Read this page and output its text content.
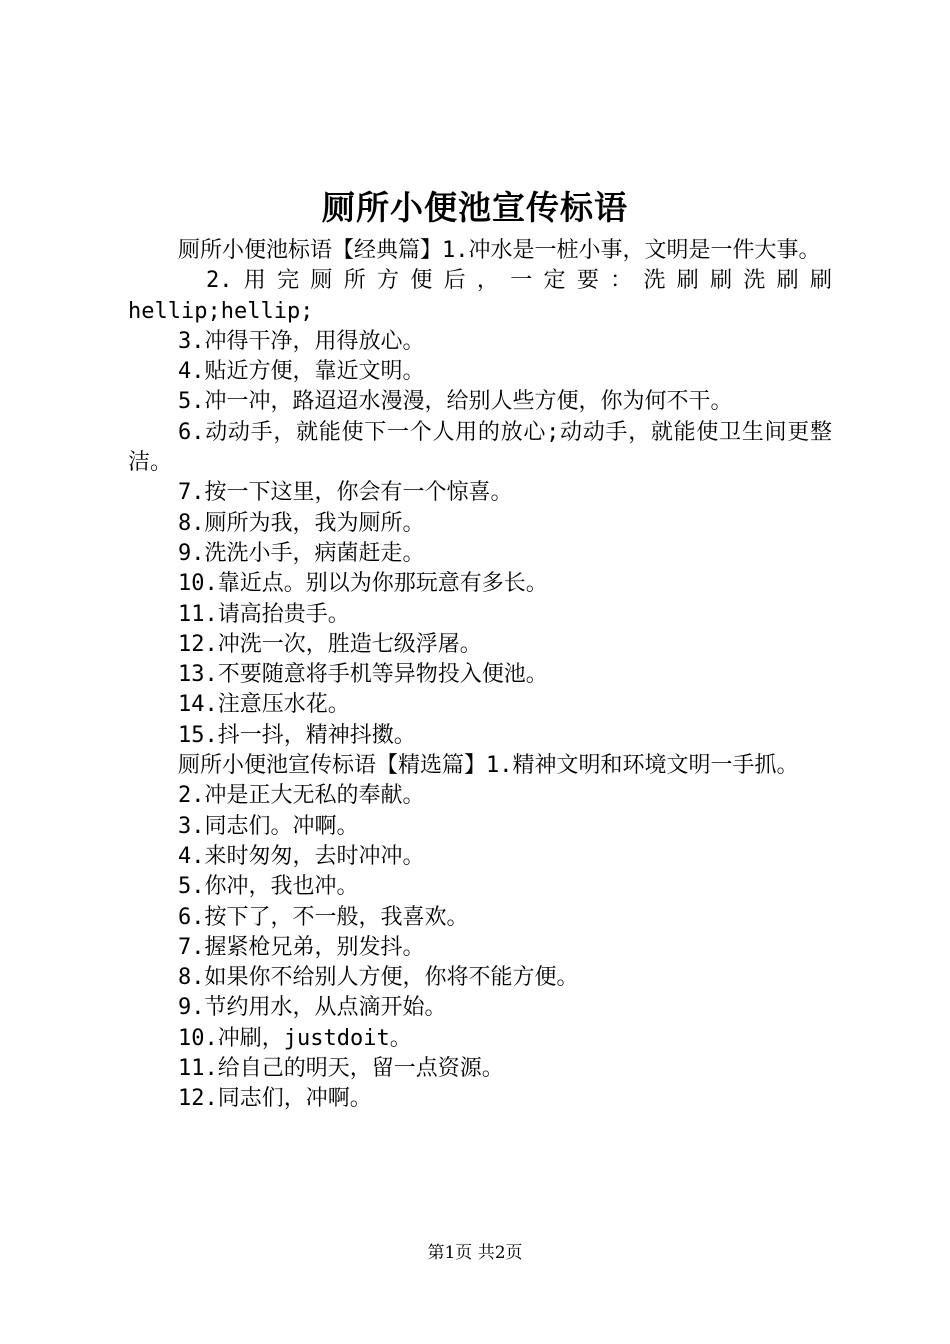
厕所小便池宣传标语

厕所小便池标语【经典篇】1.冲水是一桩小事，文明是一件大事。

2.用完厕所方便后，一定要：洗刷刷洗刷刷

hellip;hellip;

3.冲得干净，用得放心。

4.贴近方便，靠近文明。

5.冲一冲，路迢迢水漫漫，给别人些方便，你为何不干。

6.动动手，就能使下一个人用的放心;动动手，就能使卫生间更整洁。

7.按一下这里，你会有一个惊喜。

8.厕所为我，我为厕所。

9.洗洗小手，病菌赶走。

10.靠近点。别以为你那玩意有多长。

11.请高抬贵手。

12.冲洗一次，胜造七级浮屠。

13.不要随意将手机等异物投入便池。

14.注意压水花。

15.抖一抖，精神抖擞。

厕所小便池宣传标语【精选篇】1.精神文明和环境文明一手抓。

2.冲是正大无私的奉献。

3.同志们。冲啊。

4.来时匆匆，去时冲冲。

5.你冲，我也冲。

6.按下了，不一般，我喜欢。

7.握紧枪兄弟，别发抖。

8.如果你不给别人方便，你将不能方便。

9.节约用水，从点滴开始。

10.冲刷，justdoit。

11.给自己的明天，留一点资源。

12.同志们，冲啊。

第1页 共2页
